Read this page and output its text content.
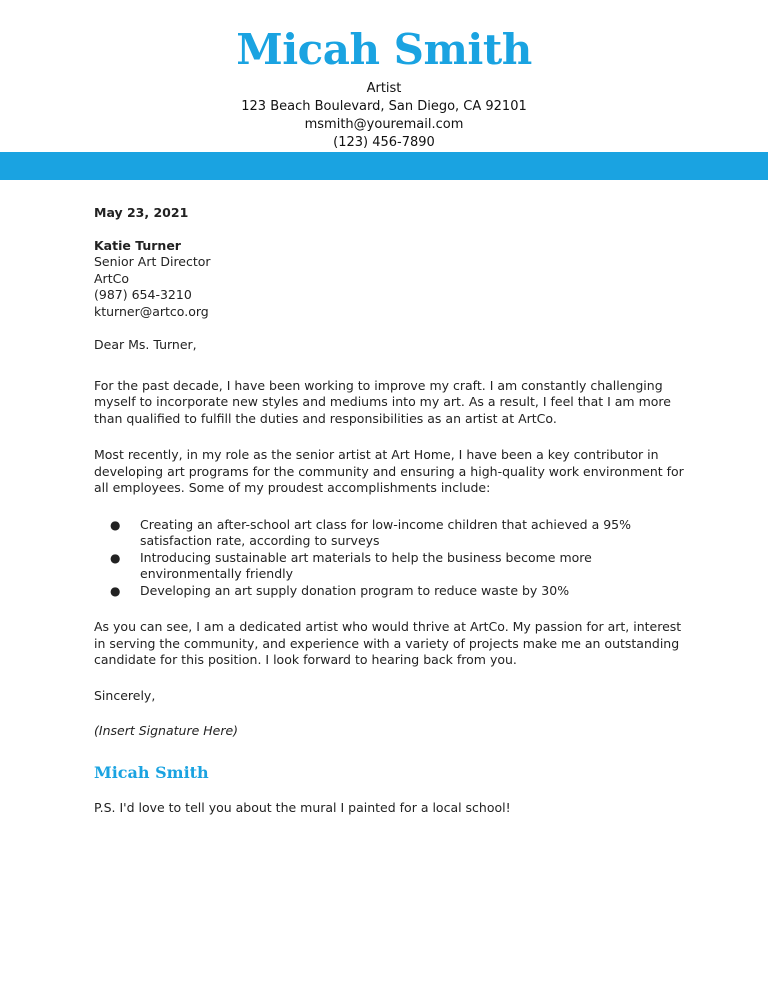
Micah Smith
Artist
123 Beach Boulevard, San Diego, CA 92101
msmith@youremail.com
(123) 456-7890
May 23, 2021
Katie Turner
Senior Art Director
ArtCo
(987) 654-3210
kturner@artco.org

Dear Ms. Turner,

For the past decade, I have been working to improve my craft. I am constantly challenging myself to incorporate new styles and mediums into my art. As a result, I feel that I am more than qualified to fulfill the duties and responsibilities as an artist at ArtCo.

Most recently, in my role as the senior artist at Art Home, I have been a key contributor in developing art programs for the community and ensuring a high-quality work environment for all employees. Some of my proudest accomplishments include:

● Creating an after-school art class for low-income children that achieved a 95% satisfaction rate, according to surveys
● Introducing sustainable art materials to help the business become more environmentally friendly
● Developing an art supply donation program to reduce waste by 30%

As you can see, I am a dedicated artist who would thrive at ArtCo. My passion for art, interest in serving the community, and experience with a variety of projects make me an outstanding candidate for this position. I look forward to hearing back from you.

Sincerely,

(Insert Signature Here)

Micah Smith

P.S. I'd love to tell you about the mural I painted for a local school!
